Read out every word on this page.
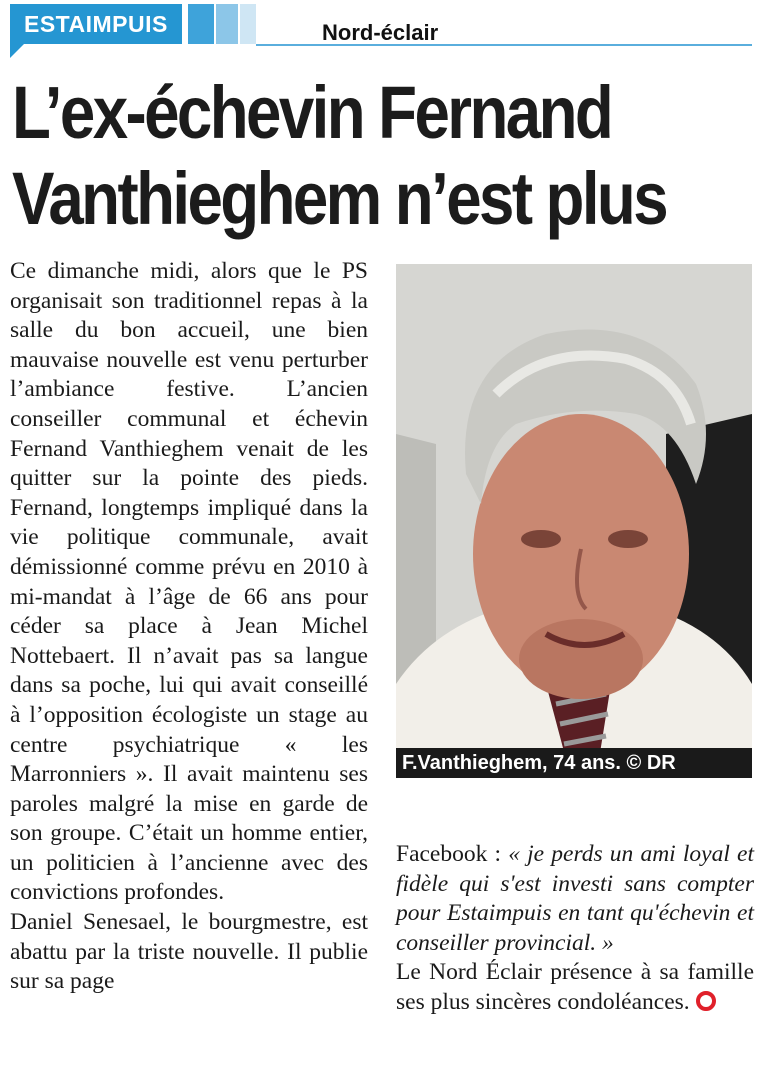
ESTAIMPUIS	Nord-éclair
L’ex-échevin Fernand
Vanthieghem n’est plus

Ce dimanche midi, alors que le PS organisait son traditionnel repas à la salle du bon accueil, une bien mauvaise nouvelle est venu perturber l’ambiance festive. L’ancien conseiller communal et échevin Fernand Vanthieghem venait de les quitter sur la pointe des pieds. Fernand, longtemps impliqué dans la vie politique communale, avait démissionné comme prévu en 2010 à mi-mandat à l’âge de 66 ans pour céder sa place à Jean Michel Nottebaert. Il n’avait pas sa langue dans sa poche, lui qui avait conseillé à l’opposition écologiste un stage au centre psychiatrique « les Marronniers ». Il avait maintenu ses paroles malgré la mise en garde de son groupe. C’était un homme entier, un politicien à l’ancienne avec des convictions profondes.

Daniel Senesael, le bourgmestre, est abattu par la triste nouvelle. Il publie sur sa page

F.Vanthieghem, 74 ans. © DR

Facebook : « je perds un ami loyal et fidèle qui s'est investi sans compter pour Estaimpuis en tant qu'échevin et conseiller provincial. »

Le Nord Éclair présence à sa famille ses plus sincères condoléances.
